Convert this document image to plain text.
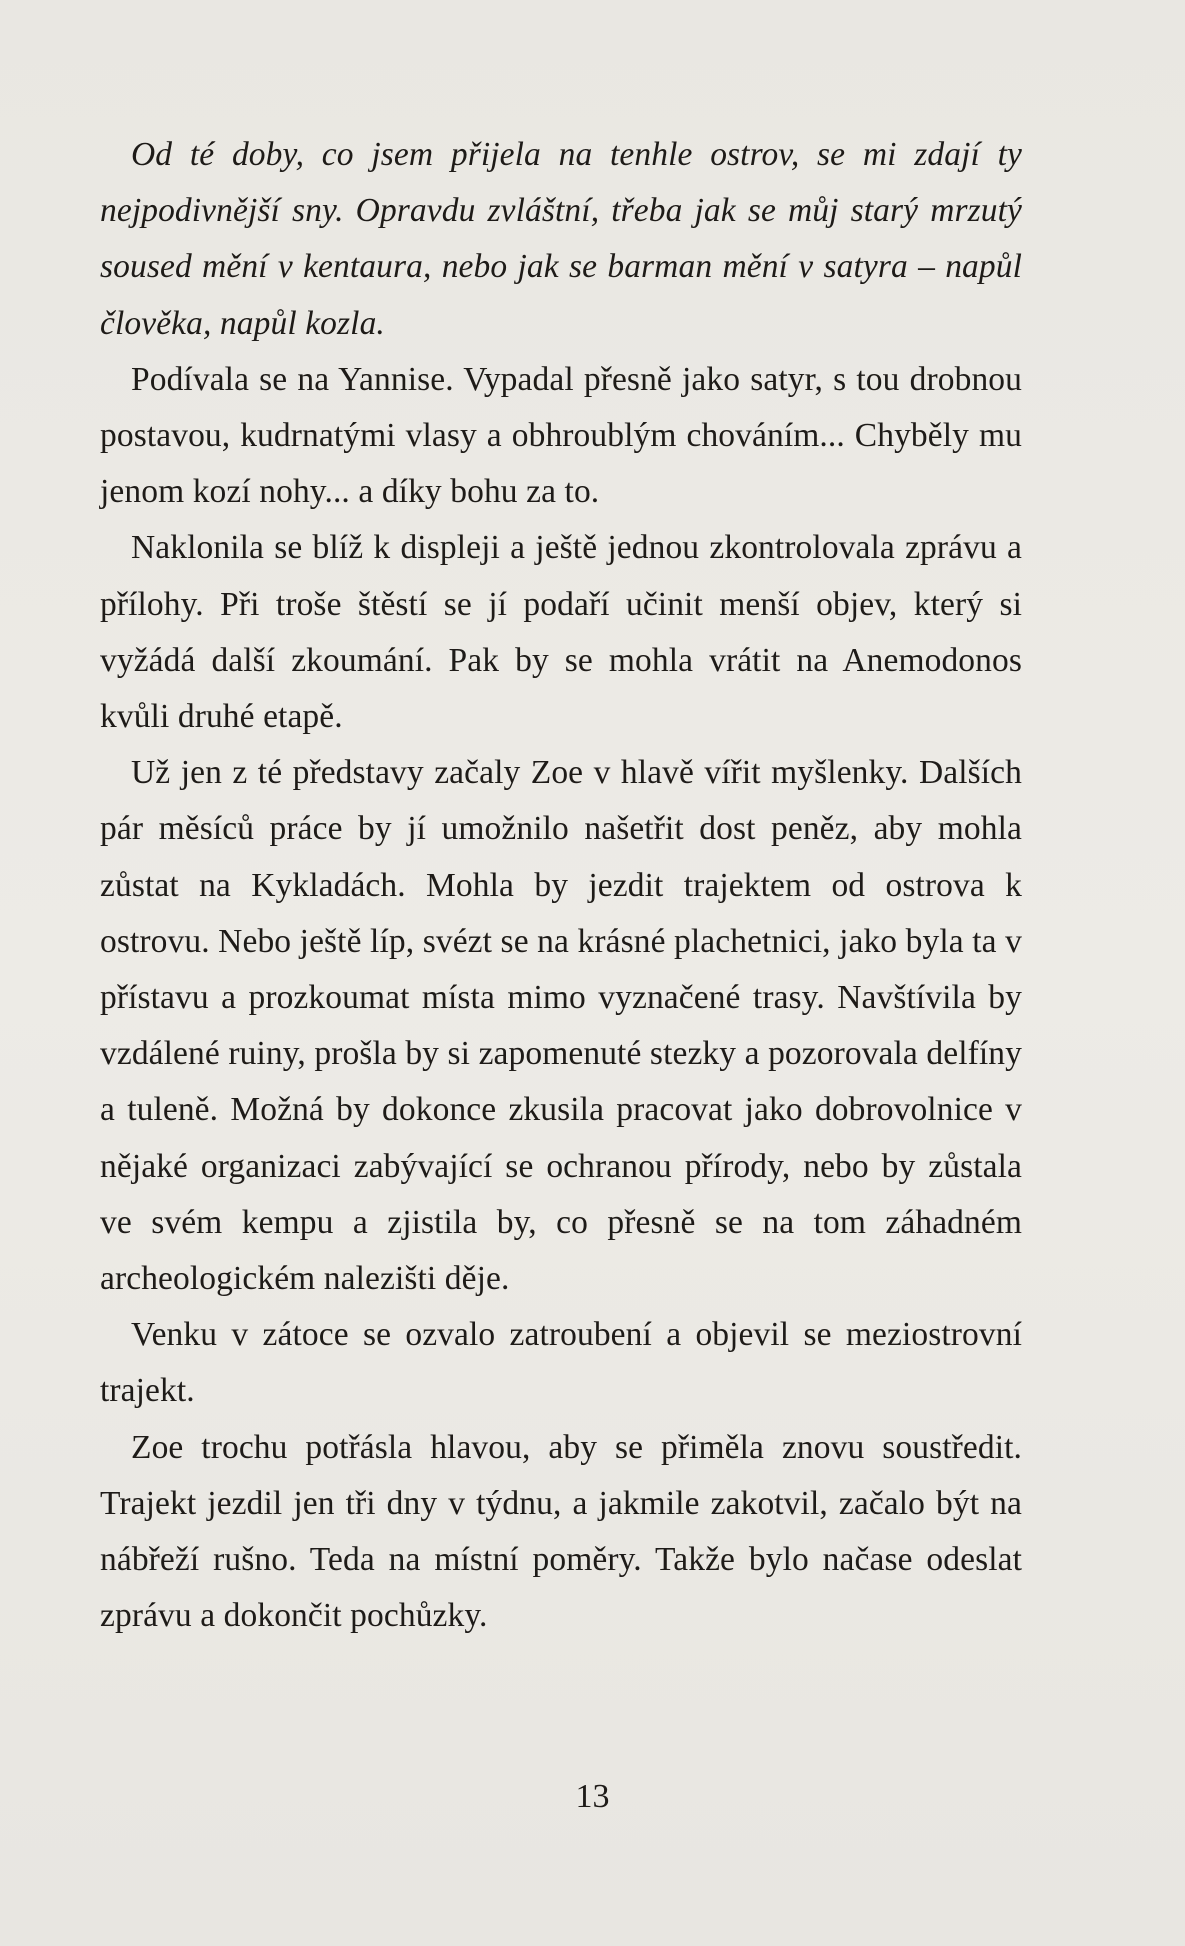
Od té doby, co jsem přijela na tenhle ostrov, se mi zdají ty nejpodivnější sny. Opravdu zvláštní, třeba jak se můj starý mrzutý soused mění v kentaura, nebo jak se barman mění v satyra – napůl člověka, napůl kozla.

Podívala se na Yannise. Vypadal přesně jako satyr, s tou drobnou postavou, kudrnatými vlasy a obhroublým chováním... Chyběly mu jenom kozí nohy... a díky bohu za to.

Naklonila se blíž k displeji a ještě jednou zkontrolovala zprávu a přílohy. Při troše štěstí se jí podaří učinit menší objev, který si vyžádá další zkoumání. Pak by se mohla vrátit na Anemodonos kvůli druhé etapě.

Už jen z té představy začaly Zoe v hlavě vířit myšlenky. Dalších pár měsíců práce by jí umožnilo našetřit dost peněz, aby mohla zůstat na Kykladách. Mohla by jezdit trajektem od ostrova k ostrovu. Nebo ještě líp, svézt se na krásné plachetnici, jako byla ta v přístavu a prozkoumat místa mimo vyznačené trasy. Navštívila by vzdálené ruiny, prošla by si zapomenuté stezky a pozorovala delfíny a tuleně. Možná by dokonce zkusila pracovat jako dobrovolnice v nějaké organizaci zabývající se ochranou přírody, nebo by zůstala ve svém kempu a zjistila by, co přesně se na tom záhadném archeologickém nalezišti děje.

Venku v zátoce se ozvalo zatroubení a objevil se meziostrovní trajekt.

Zoe trochu potřásla hlavou, aby se přiměla znovu soustředit. Trajekt jezdil jen tři dny v týdnu, a jakmile zakotvil, začalo být na nábřeží rušno. Teda na místní poměry. Takže bylo načase odeslat zprávu a dokončit pochůzky.

13
